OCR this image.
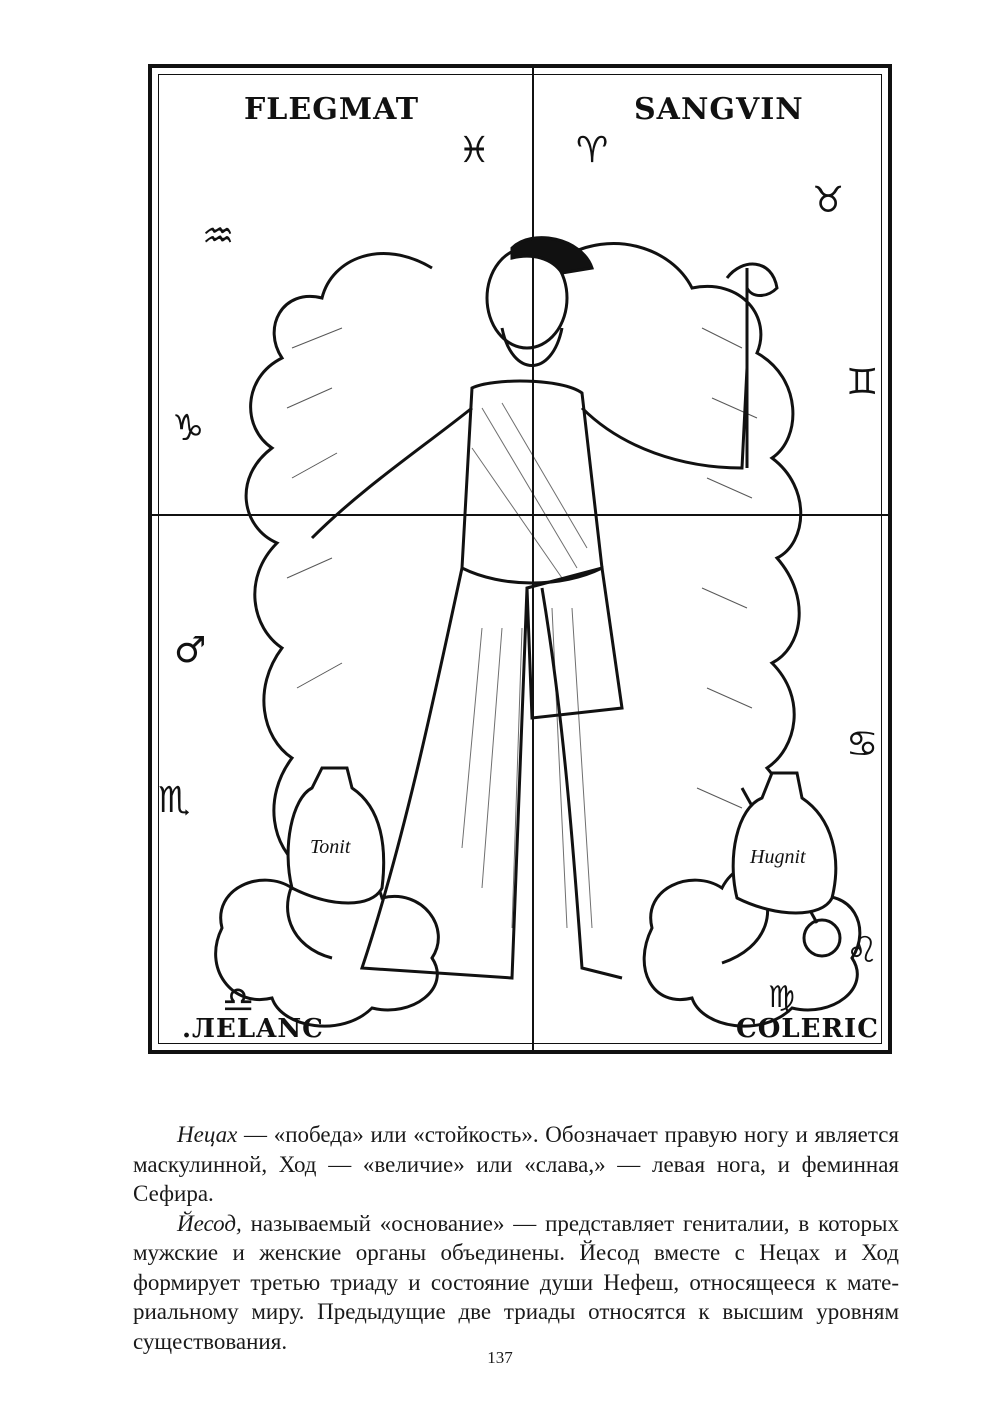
Tonit	Hugnit
FLEGMAT	SANGVIN
.ЛЕLANC	COLERIC
♓ ♈
♉
♊
♋
♌
♍
♎
♏
♂
♑
♒

Нецах — «победа» или «стойкость». Обозначает правую ногу и является маскулинной, Ход — «величие» или «слава,» — левая нога, и феминная Сефира.

Йесод, называемый «основание» — представляет гениталии, в которых мужские и женские органы объединены. Йесод вместе с Нецах и Ход формирует третью триаду и состояние души Нефеш, относящееся к мате-риальному миру. Предыдущие две триады относятся к высшим уровням существования.

137
